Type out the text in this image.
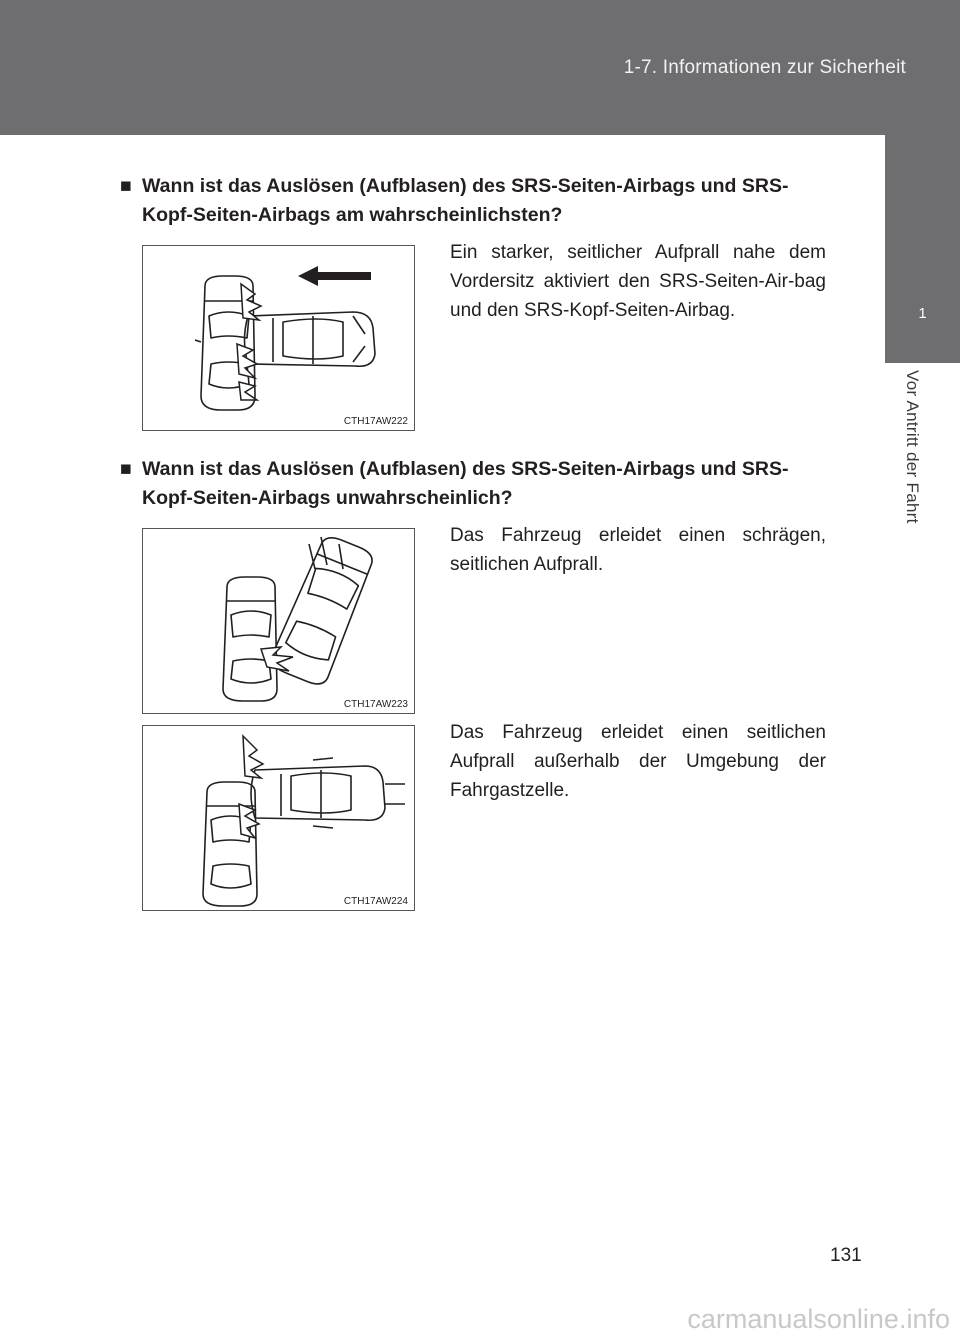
1-7. Informationen zur Sicherheit
1
Vor Antritt der Fahrt
■ Wann ist das Auslösen (Aufblasen) des SRS-Seiten-Airbags und SRS-
Kopf-Seiten-Airbags am wahrscheinlichsten?
CTH17AW222
Ein starker, seitlicher Aufprall nahe dem Vordersitz aktiviert den SRS-Seiten-Air-bag und den SRS-Kopf-Seiten-Airbag.
■ Wann ist das Auslösen (Aufblasen) des SRS-Seiten-Airbags und SRS-
Kopf-Seiten-Airbags unwahrscheinlich?
CTH17AW223
Das Fahrzeug erleidet einen schrägen, seitlichen Aufprall.
CTH17AW224
Das Fahrzeug erleidet einen seitlichen Aufprall außerhalb der Umgebung der Fahrgastzelle.
131
carmanualsonline.info
